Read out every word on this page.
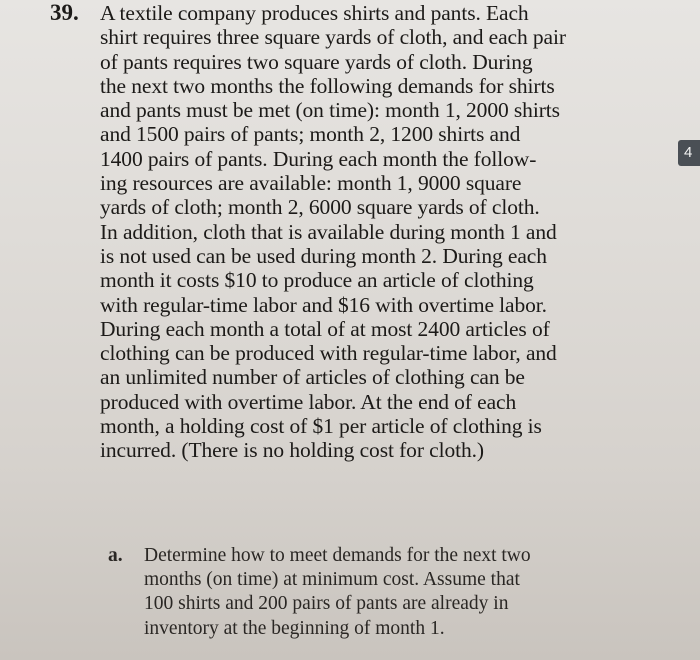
39. A textile company produces shirts and pants. Each
shirt requires three square yards of cloth, and each pair
of pants requires two square yards of cloth. During
the next two months the following demands for shirts
and pants must be met (on time): month 1, 2000 shirts
and 1500 pairs of pants; month 2, 1200 shirts and
1400 pairs of pants. During each month the follow-
ing resources are available: month 1, 9000 square
yards of cloth; month 2, 6000 square yards of cloth.
In addition, cloth that is available during month 1 and
is not used can be used during month 2. During each
month it costs $10 to produce an article of clothing
with regular-time labor and $16 with overtime labor.
During each month a total of at most 2400 articles of
clothing can be produced with regular-time labor, and
an unlimited number of articles of clothing can be
produced with overtime labor. At the end of each
month, a holding cost of $1 per article of clothing is
incurred. (There is no holding cost for cloth.)
a. Determine how to meet demands for the next two
months (on time) at minimum cost. Assume that
100 shirts and 200 pairs of pants are already in
inventory at the beginning of month 1.
4
